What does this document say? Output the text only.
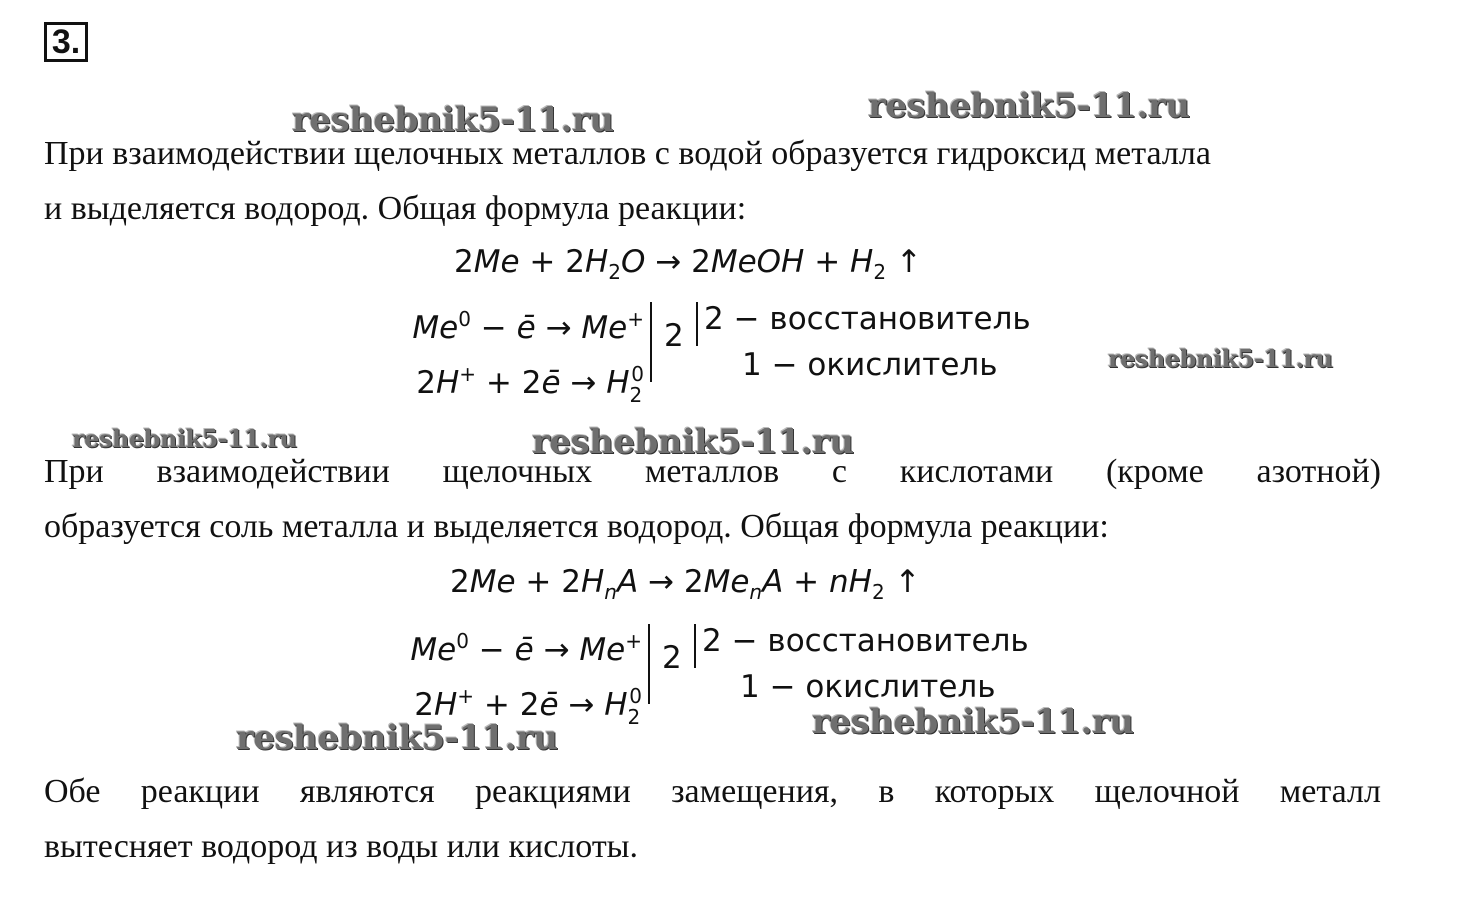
3.
reshebnik5-11.ru	reshebnik5-11.ru
reshebnik5-11.ru
reshebnik5-11.ru	reshebnik5-11.ru
reshebnik5-11.ru
reshebnik5-11.ru
При взаимодействии щелочных металлов с водой образуется гидроксид металла
и выделяется водород. Общая формула реакции:
$2Me + 2H_2O$ → 2MeOH + $H_2$ ↑
$Me^0$ − ē → Me+
2H+ + 2ē → $H_2^0$
2 2 − восстановитель
1 − окислитель
При взаимодействии щелочных металлов с кислотами (кроме азотной)
образуется соль металла и выделяется водород. Общая формула реакции:
$2Me + 2H_nA \to 2Me_nA + nH_2$ ↑
$Me^0$ − ē → Me+
2H+ + 2ē → $H_2^0$
2 2 − восстановитель
1 − окислитель
Обе реакции являются реакциями замещения, в которых щелочной металл
вытесняет водород из воды или кислоты.
